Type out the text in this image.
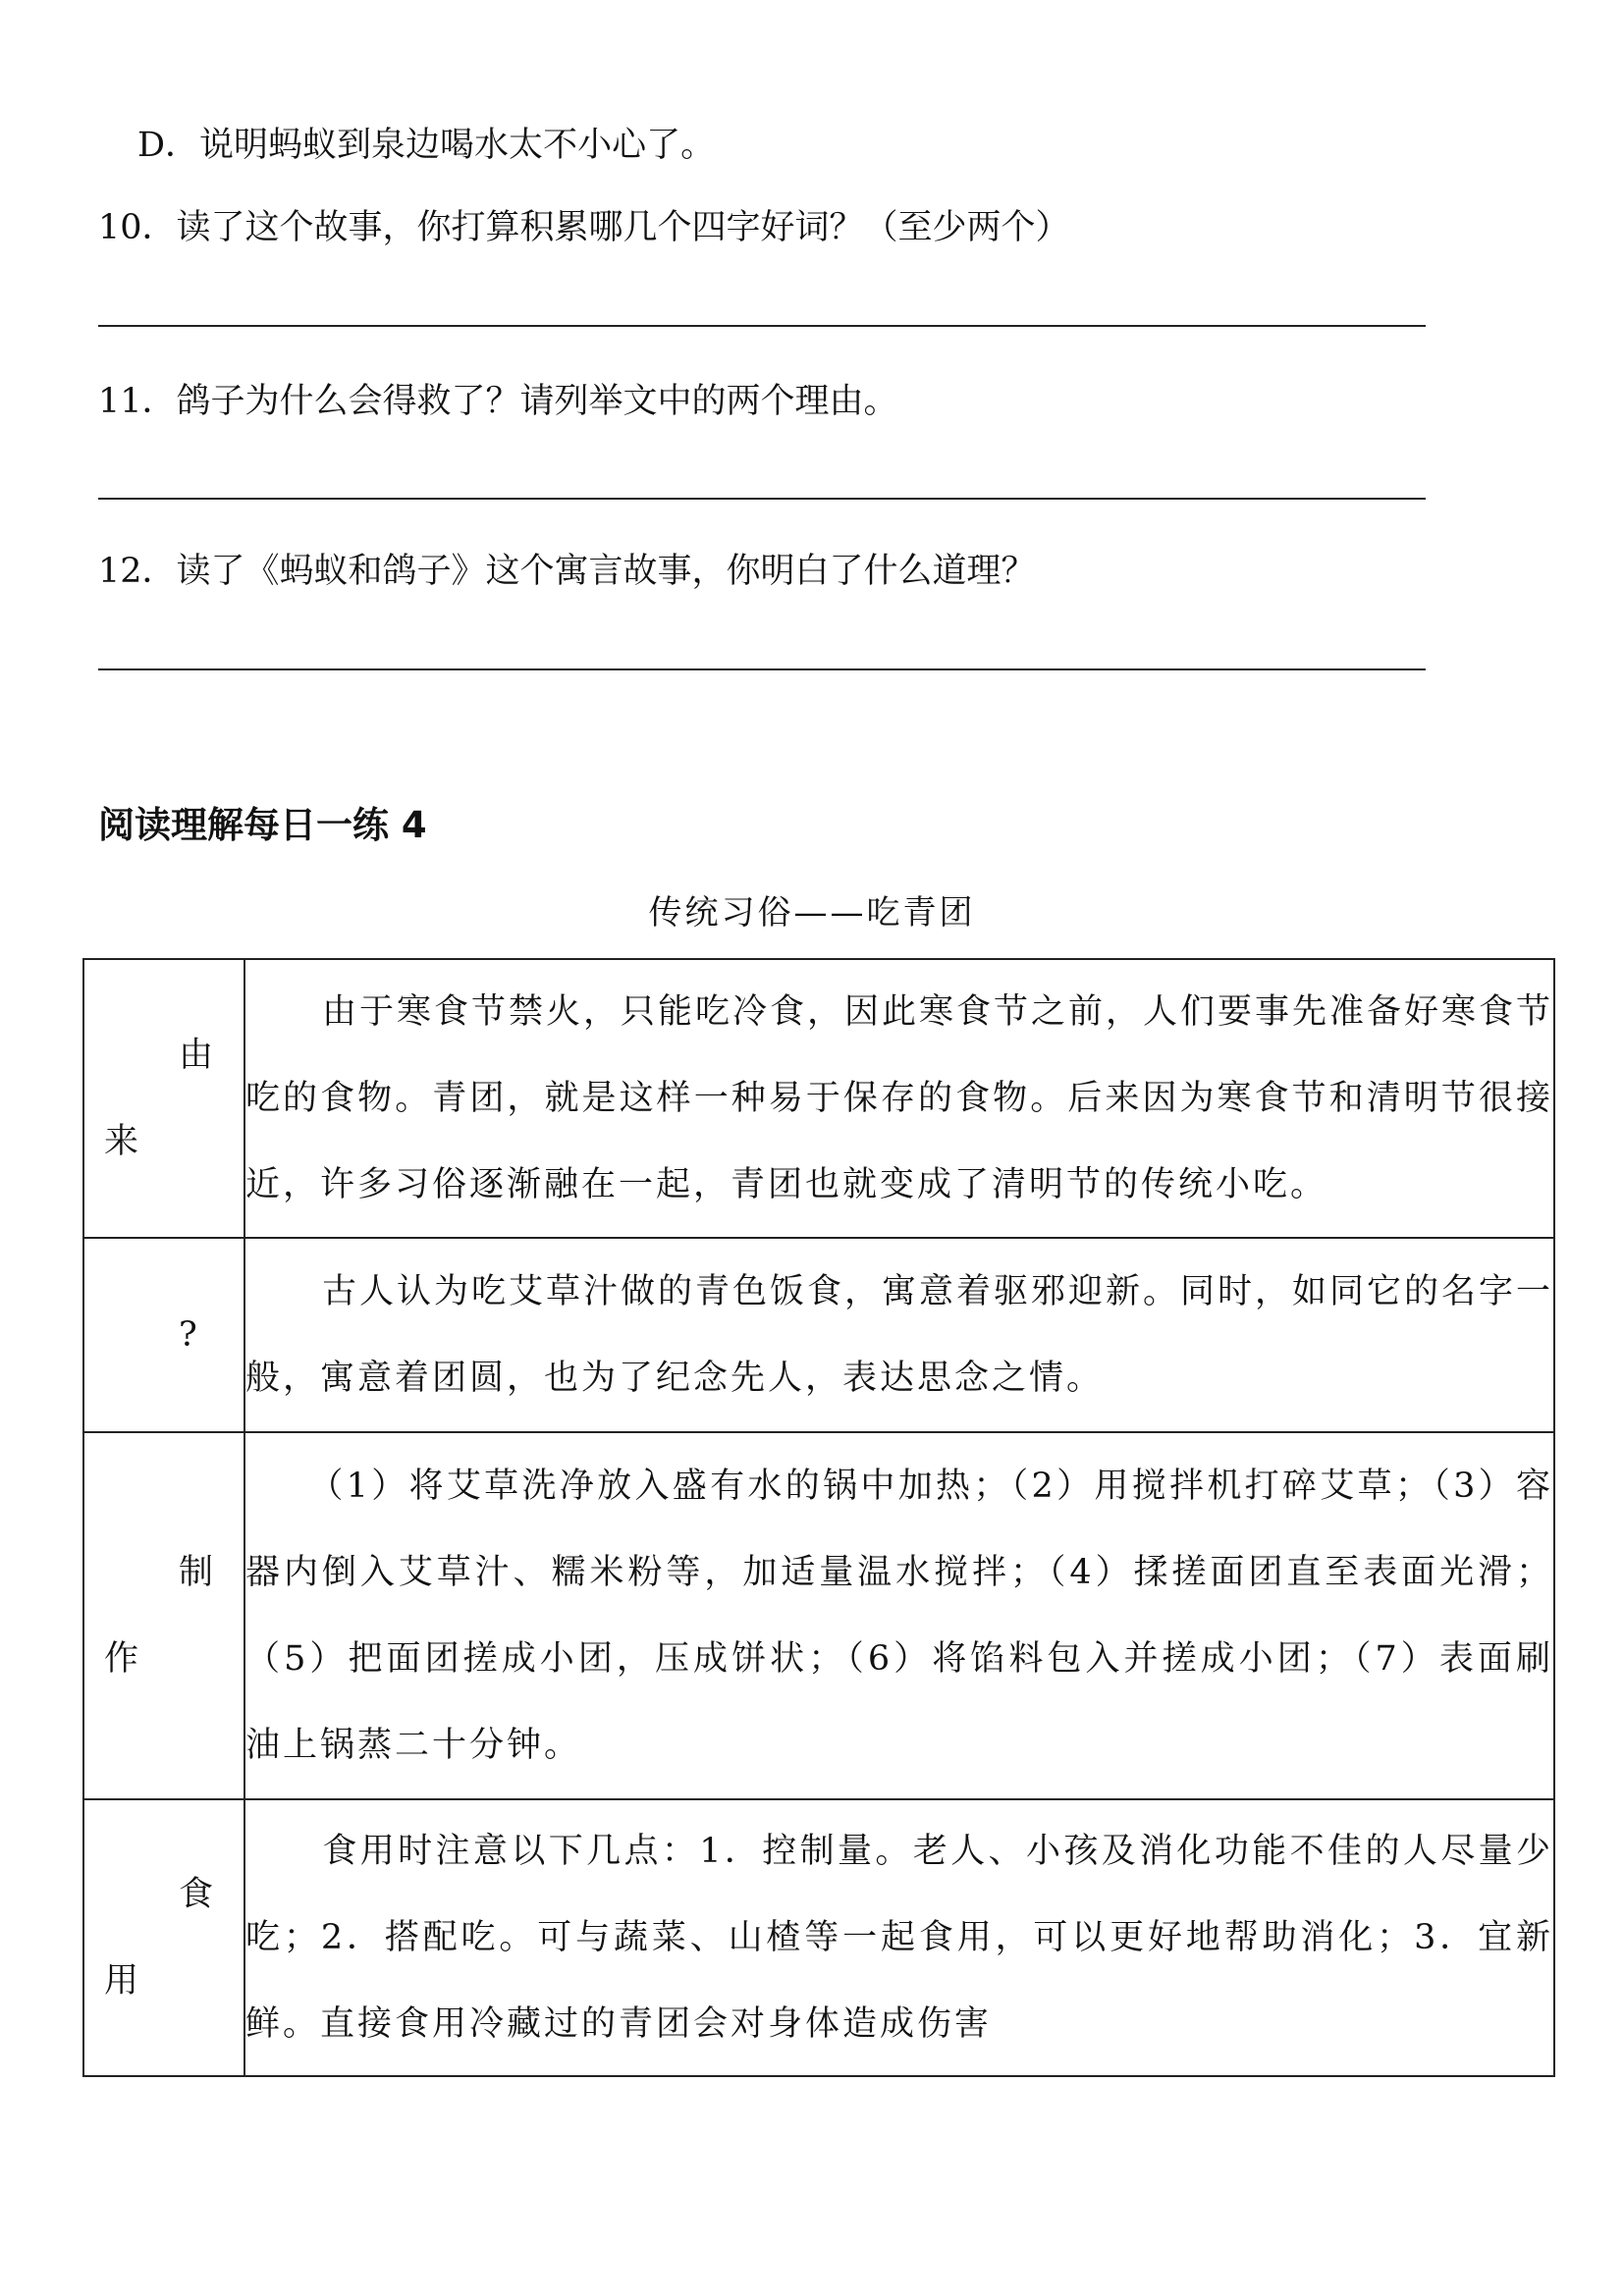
D．说明蚂蚁到泉边喝水太不小心了。
10．读了这个故事，你打算积累哪几个四字好词？（至少两个）
11．鸽子为什么会得救了？请列举文中的两个理由。
12．读了《蚂蚁和鸽子》这个寓言故事，你明白了什么道理？
阅读理解每日一练 4
传统习俗——吃青团
由
来	由于寒食节禁火，只能吃冷食，因此寒食节之前，人们要事先准备好寒食节吃的食物。青团，就是这样一种易于保存的食物。后来因为寒食节和清明节很接近，许多习俗逐渐融在一起，青团也就变成了清明节的传统小吃。

?	古人认为吃艾草汁做的青色饭食，寓意着驱邪迎新。同时，如同它的名字一般，寓意着团圆，也为了纪念先人，表达思念之情。

制
作	（1）将艾草洗净放入盛有水的锅中加热；（2）用搅拌机打碎艾草；（3）容器内倒入艾草汁、糯米粉等，加适量温水搅拌；（4）揉搓面团直至表面光滑；（5）把面团搓成小团，压成饼状；（6）将馅料包入并搓成小团；（7）表面刷油上锅蒸二十分钟。

食
用	食用时注意以下几点：1．控制量。老人、小孩及消化功能不佳的人尽量少吃；2．搭配吃。可与蔬菜、山楂等一起食用，可以更好地帮助消化；3．宜新鲜。直接食用冷藏过的青团会对身体造成伤害
